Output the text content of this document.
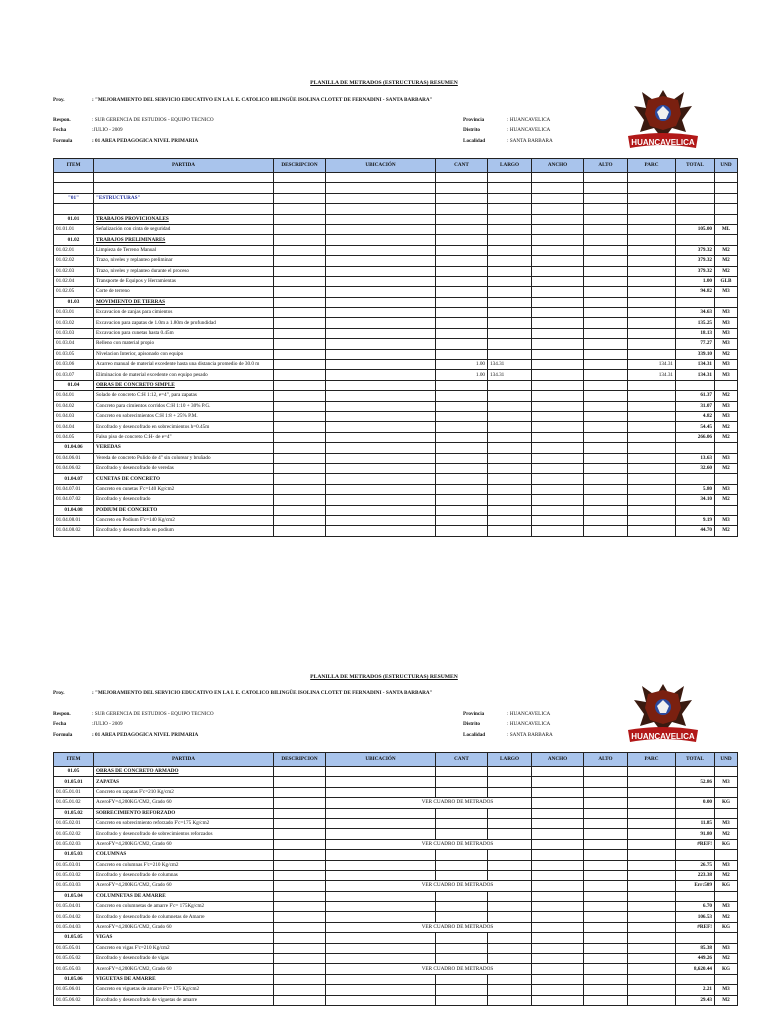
PLANILLA DE METRADOS (ESTRUCTURAS) RESUMEN
Proy.	: "MEJORAMIENTO DEL SERVICIO EDUCATIVO EN LA I. E. CATOLICO BILINGÜE ISOLINA CLOTET DE FERNADINI - SANTA BARBARA"
Respon.	: SUB GERENCIA DE ESTUDIOS - EQUIPO TECNICO
Fecha	:JULIO - 2009
Formula	: 01 AREA PEDAGOGICA NIVEL PRIMARIA
Provincia	: HUANCAVELICA
Distrito	: HUANCAVELICA
Localidad	: SANTA BARBARA	HUANCAVELICA
ITEM	PARTIDA	DESCRIPCION	UBICACIÓN	CANT	LARGO	ANCHO	ALTO	PARC	TOTAL	UND

"01"	"ESTRUCTURAS"									

01.01	TRABAJOS PROVICIONALES									
01.01.01	Señalización con cinta de seguridad								105.00	ML
01.02	TRABAJOS PRELIMINARES									
01.02.01	Limpieza de Terreno Manual								379.32	M2
01.02.02	Trazo, niveles y replanteo preliminar								379.32	M2
01.02.03	Trazo, niveles y replanteo durante el proceso								379.32	M2
01.02.04	Transporte de Equipos y Herramientas								1.00	GLB
01.02.05	Corte de terreno								94.82	M3
01.03	MOVIMIENTO DE TIERRAS									
01.03.01	Excavacion de zanjas para cimientos								34.63	M3
01.03.02	Excavacion para zapatas de 1.0m a 1.80m de profundidad								135.25	M3
01.03.03	Excavacion para cunetas hasta 0.45m								18.13	M3
01.03.04	Relleno con material propio								77.27	M3
01.03.05	Nivelacion Interior, apisonado con equipo								339.10	M2
01.03.06	Acarreo manual de material excedente hasta una distancia promedio de 30.0 m			1.00	134.31			134.31	134.31	M3
01.03.07	Eliminacion de material excedente con equipo pesado			1.00	134.31			134.31	134.31	M3
01.04	OBRAS DE CONCRETO SIMPLE									
01.04.01	Solado de concreto C:H 1:12, e=4", para zapatas								61.37	M2
01.04.02	Concreto para cimientos corridos C:H 1:10 + 30% P.G.								31.07	M3
01.04.03	Concreto en sobrecimientos C:H 1:8 + 25% P.M.								4.82	M3
01.04.04	Encofrado y desencofrado en sobrecimientos h=0.45m								54.45	M2
01.04.05	Falso piso de concreto C:H- de e=4"								266.06	M2
01.04.06	VEREDAS									
01.04.06.01	Vereda de concreto Pulido de 4" sin colorear y bruñado								13.63	M3
01.04.06.02	Encofrado y desencofrado de veredas								32.60	M2
01.04.07	CUNETAS DE CONCRETO									
01.04.07.01	Concreto en cunetas F'c=140 Kg/cm2								5.80	M3
01.04.07.02	Encofrado y desencofrado								34.10	M2
01.04.08	PODIUM DE CONCRETO									
01.04.08.01	Concreto en Podium F'c=140 Kg/cm2								9.19	M3
01.04.08.02	Encofrado y desencofrado en podium								44.70	M2
PLANILLA DE METRADOS (ESTRUCTURAS) RESUMEN
Proy.	: "MEJORAMIENTO DEL SERVICIO EDUCATIVO EN LA I. E. CATOLICO BILINGÜE ISOLINA CLOTET DE FERNADINI - SANTA BARBARA"
Respon.	: SUB GERENCIA DE ESTUDIOS - EQUIPO TECNICO
Fecha	:JULIO - 2009
Formula	: 01 AREA PEDAGOGICA NIVEL PRIMARIA
Provincia	: HUANCAVELICA
Distrito	: HUANCAVELICA
Localidad	: SANTA BARBARA	HUANCAVELICA
ITEM	PARTIDA	DESCRIPCION	UBICACIÓN	CANT	LARGO	ANCHO	ALTO	PARC	TOTAL	UND
01.05	OBRAS DE CONCRETO ARMADO									
01.05.01	ZAPATAS								52.86	M3
01.05.01.01	Concreto en zapatas F'c=210 Kg/cm2									
01.05.01.02	AceroFY=4,200KG/CM2, Grado 60		VER CUADRO DE METRADOS						0.00	KG
01.05.02	SOBRECIMIENTO REFORZADO									
01.05.02.01	Concreto en sobrecimiento reforzado F'c=175 Kg/cm2								11.85	M3
01.05.02.02	Encofrado y desencofrado de sobrecimientos reforzados								91.80	M2
01.05.02.03	AceroFY=4,200KG/CM2, Grado 60		VER CUADRO DE METRADOS						#REF!	KG
01.05.03	COLUMNAS									
01.05.03.01	Concreto en columnas F'c=210 Kg/cm2								26.75	M3
01.05.03.02	Encofrado y desencofrado de columnas								223.38	M2
01.05.03.03	AceroFY=4,200KG/CM2, Grado 60		VER CUADRO DE METRADOS						Err:509	KG
01.05.04	COLUMNETAS DE AMARRE									
01.05.04.01	Concreto en columnetas de amarre F'c= 175Kg/cm2								6.70	M3
01.05.04.02	Encofrado y desencofrado de columnetas de Amarre								106.53	M2
01.05.04.03	AceroFY=4,200KG/CM2, Grado 60		VER CUADRO DE METRADOS						#REF!	KG
01.05.05	VIGAS									
01.05.05.01	Concreto en vigas F'c=210 Kg/cm2								85.38	M3
01.05.05.02	Encofrado y desencofrado de vigas								449.26	M2
01.05.05.03	AceroFY=4,200KG/CM2, Grado 60		VER CUADRO DE METRADOS						8,620.44	KG
01.05.06	VIGUETAS DE AMARRE									
01.05.06.01	Concreto en viguetas de amarre F'c= 175 Kg/cm2								2.21	M3
01.05.06.02	Encofrado y desencofrado de viguetas de amarre								29.43	M2
